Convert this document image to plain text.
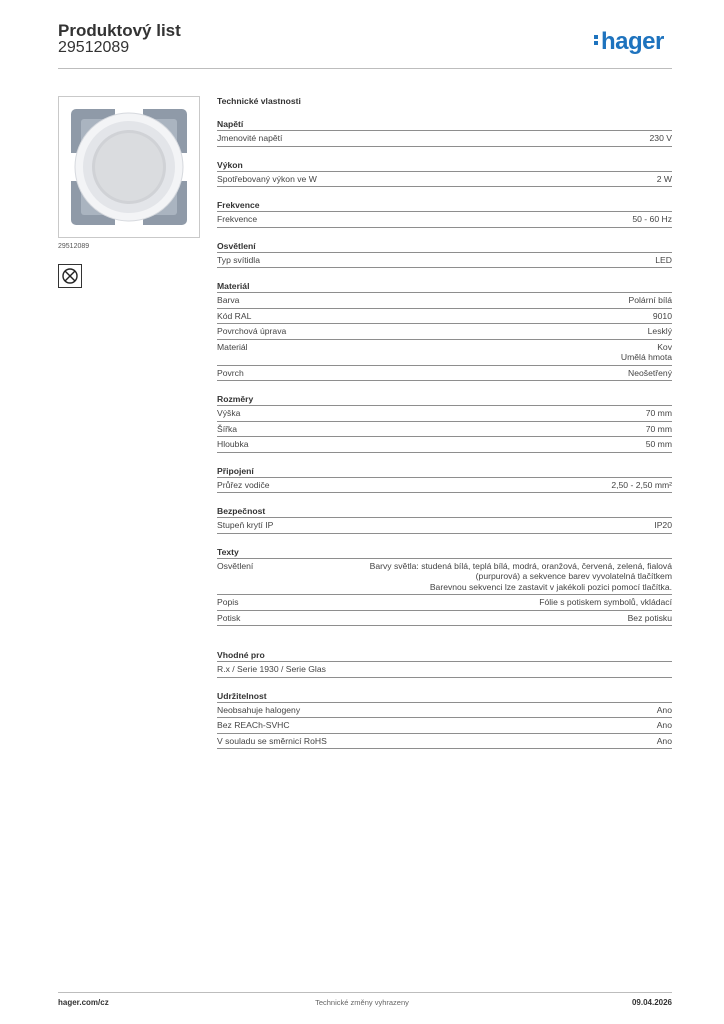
Produktový list
29512089	hager
29512089
Technické vlastnosti
Napětí
Jmenovité napětí	230 V
Výkon
Spotřebovaný výkon ve W	2 W
Frekvence
Frekvence	50 - 60 Hz
Osvětlení
Typ svítidla	LED
Materiál
Barva	Polární bílá
Kód RAL	9010
Povrchová úprava	Lesklý
Materiál	Kov
Umělá hmota
Povrch	Neošetřený
Rozměry
Výška	70 mm
Šířka	70 mm
Hloubka	50 mm
Připojení
Průřez vodiče	2,50 - 2,50 mm²
Bezpečnost
Stupeň krytí IP	IP20
Texty
Osvětlení	Barvy světla: studená bílá, teplá bílá, modrá, oranžová, červená, zelená, fialová
(purpurová) a sekvence barev vyvolatelná tlačítkem
Barevnou sekvenci lze zastavit v jakékoli pozici pomocí tlačítka.
Popis	Fólie s potiskem symbolů, vkládací
Potisk	Bez potisku
Vhodné pro
R.x / Serie 1930 / Serie Glas
Udržitelnost
Neobsahuje halogeny	Ano
Bez REACh-SVHC	Ano
V souladu se směrnicí RoHS	Ano
hager.com/cz	Technické změny vyhrazeny	09.04.2026
